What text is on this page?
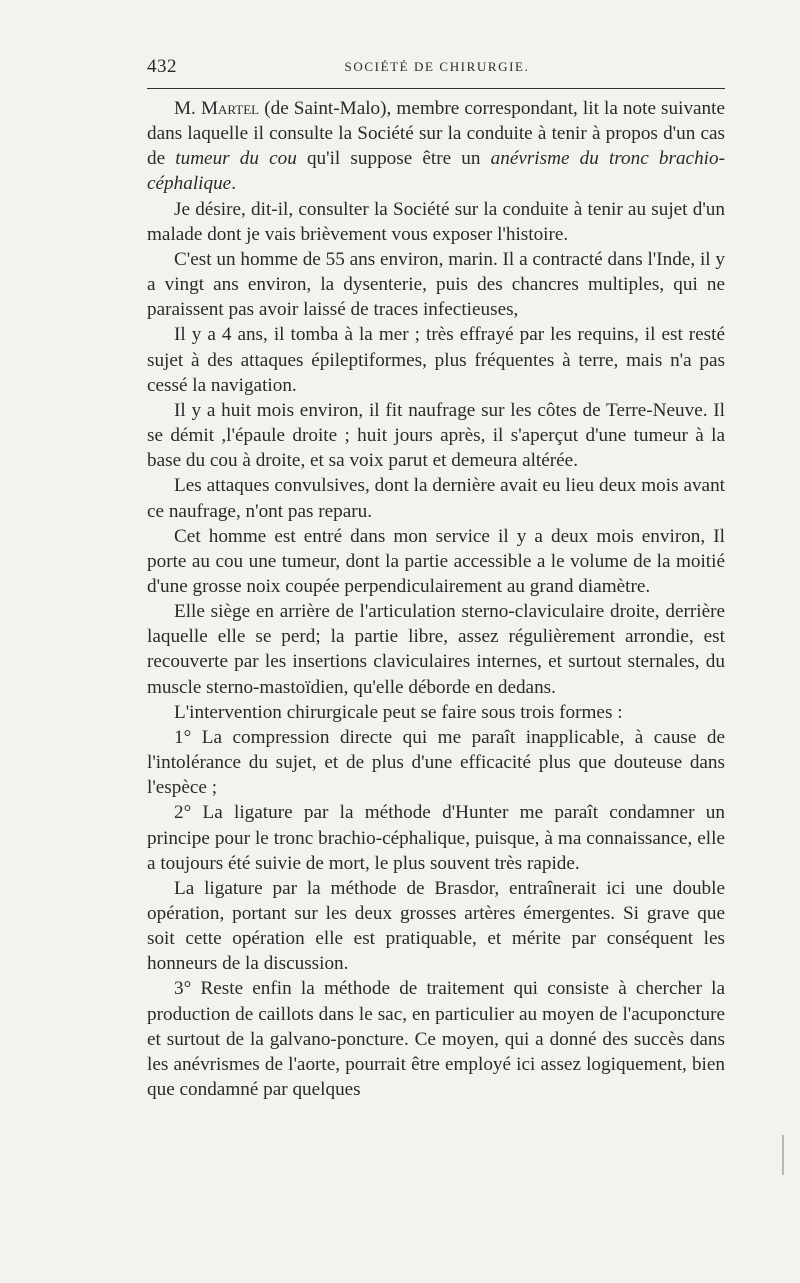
432	SOCIÉTÉ DE CHIRURGIE.

M. Martel (de Saint-Malo), membre correspondant, lit la note suivante dans laquelle il consulte la Société sur la conduite à tenir à propos d'un cas de tumeur du cou qu'il suppose être un anévrisme du tronc brachio-céphalique.

Je désire, dit-il, consulter la Société sur la conduite à tenir au sujet d'un malade dont je vais brièvement vous exposer l'histoire.

C'est un homme de 55 ans environ, marin. Il a contracté dans l'Inde, il y a vingt ans environ, la dysenterie, puis des chancres multiples, qui ne paraissent pas avoir laissé de traces infectieuses,

Il y a 4 ans, il tomba à la mer ; très effrayé par les requins, il est resté sujet à des attaques épileptiformes, plus fréquentes à terre, mais n'a pas cessé la navigation.

Il y a huit mois environ, il fit naufrage sur les côtes de Terre-Neuve. Il se démit ,l'épaule droite ; huit jours après, il s'aperçut d'une tumeur à la base du cou à droite, et sa voix parut et demeura altérée.

Les attaques convulsives, dont la dernière avait eu lieu deux mois avant ce naufrage, n'ont pas reparu.

Cet homme est entré dans mon service il y a deux mois environ, Il porte au cou une tumeur, dont la partie accessible a le volume de la moitié d'une grosse noix coupée perpendiculairement au grand diamètre.

Elle siège en arrière de l'articulation sterno-claviculaire droite, derrière laquelle elle se perd; la partie libre, assez régulièrement arrondie, est recouverte par les insertions claviculaires internes, et surtout sternales, du muscle sterno-mastoïdien, qu'elle déborde en dedans.

L'intervention chirurgicale peut se faire sous trois formes :

1° La compression directe qui me paraît inapplicable, à cause de l'intolérance du sujet, et de plus d'une efficacité plus que douteuse dans l'espèce ;

2° La ligature par la méthode d'Hunter me paraît condamner un principe pour le tronc brachio-céphalique, puisque, à ma connaissance, elle a toujours été suivie de mort, le plus souvent très rapide.

La ligature par la méthode de Brasdor, entraînerait ici une double opération, portant sur les deux grosses artères émergentes. Si grave que soit cette opération elle est pratiquable, et mérite par conséquent les honneurs de la discussion.

3° Reste enfin la méthode de traitement qui consiste à chercher la production de caillots dans le sac, en particulier au moyen de l'acuponcture et surtout de la galvano-poncture. Ce moyen, qui a donné des succès dans les anévrismes de l'aorte, pourrait être employé ici assez logiquement, bien que condamné par quelques
